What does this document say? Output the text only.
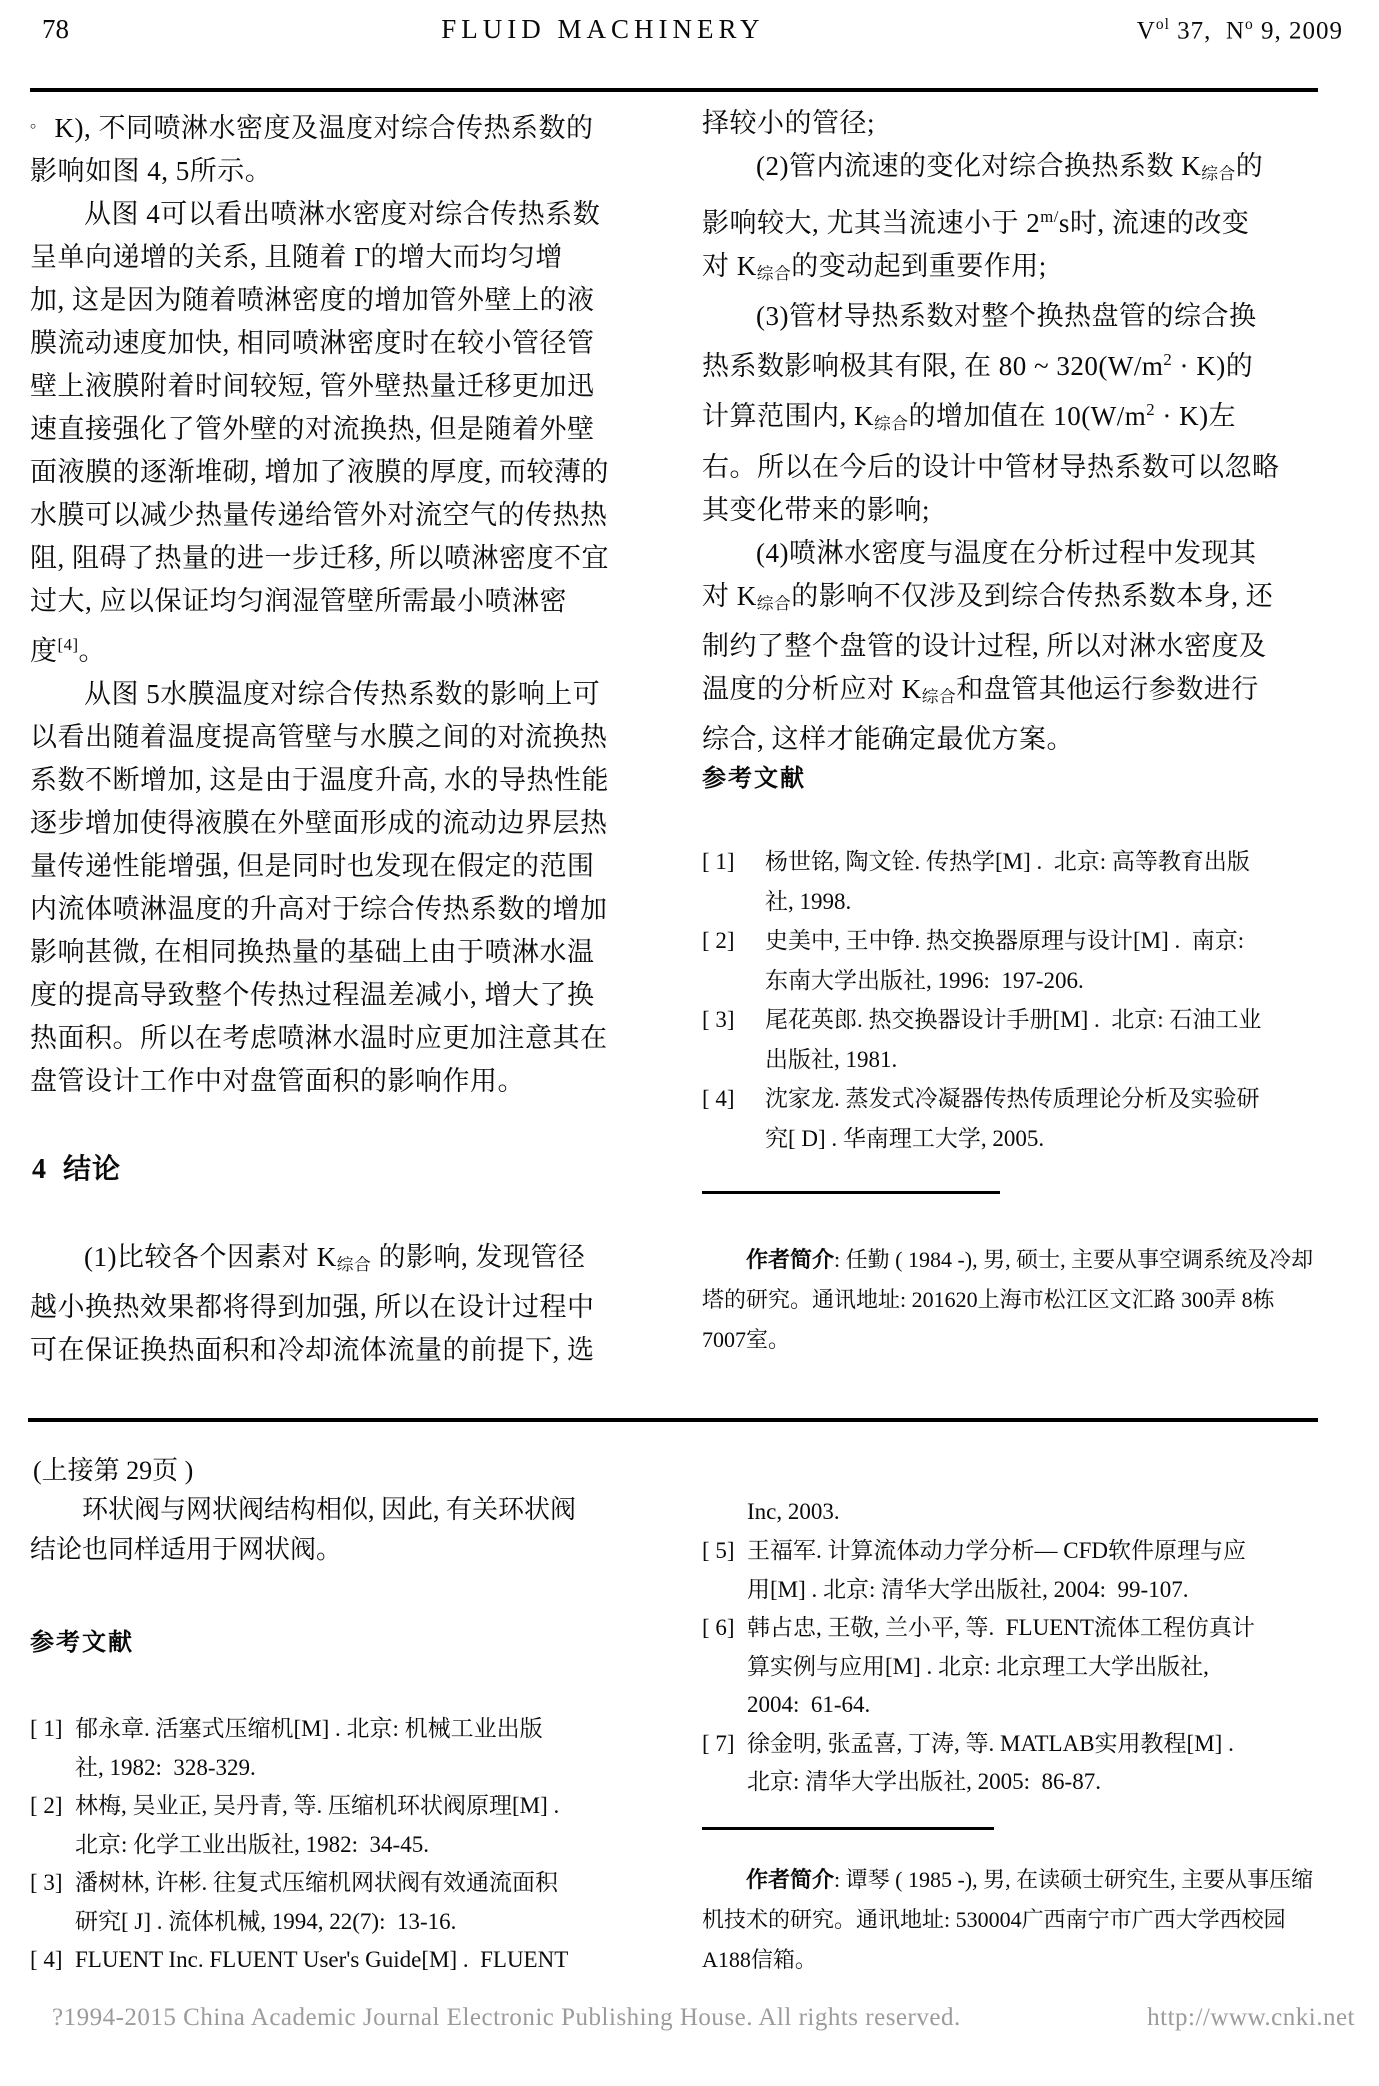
78	FLUID MACHINERY	$V^{ol}$ 37,  $N^o$ 9, 2009
。 K), 不同喷淋水密度及温度对综合传热系数的
影响如图 4, 5所示。
从图 4可以看出喷淋水密度对综合传热系数
呈单向递增的关系, 且随着 Γ的增大而均匀增
加, 这是因为随着喷淋密度的增加管外壁上的液
膜流动速度加快, 相同喷淋密度时在较小管径管
壁上液膜附着时间较短, 管外壁热量迁移更加迅
速直接强化了管外壁的对流换热, 但是随着外壁
面液膜的逐渐堆砌, 增加了液膜的厚度, 而较薄的
水膜可以减少热量传递给管外对流空气的传热热
阻, 阻碍了热量的进一步迁移, 所以喷淋密度不宜
过大, 应以保证均匀润湿管壁所需最小喷淋密
度[4]。
从图 5水膜温度对综合传热系数的影响上可
以看出随着温度提高管壁与水膜之间的对流换热
系数不断增加, 这是由于温度升高, 水的导热性能
逐步增加使得液膜在外壁面形成的流动边界层热
量传递性能增强, 但是同时也发现在假定的范围
内流体喷淋温度的升高对于综合传热系数的增加
影响甚微, 在相同换热量的基础上由于喷淋水温
度的提高导致整个传热过程温差减小, 增大了换
热面积。所以在考虑喷淋水温时应更加注意其在
盘管设计工作中对盘管面积的影响作用。
4  结论
(1)比较各个因素对 $K_{综合}$ 的影响, 发现管径
越小换热效果都将得到加强, 所以在设计过程中
可在保证换热面积和冷却流体流量的前提下, 选
择较小的管径;
(2)管内流速的变化对综合换热系数 $K_{综合}$的
影响较大, 尤其当流速小于 $2^{m/}s$时, 流速的改变
对 $K_{综合}$的变动起到重要作用;
(3)管材导热系数对整个换热盘管的综合换
热系数影响极其有限, 在 80 ~ $320(W/m^2 \cdot K)$的
计算范围内, $K_{综合}$的增加值在 $10(W/m^2 \cdot K)$左
右。所以在今后的设计中管材导热系数可以忽略
其变化带来的影响;
(4)喷淋水密度与温度在分析过程中发现其
对 $K_{综合}$的影响不仅涉及到综合传热系数本身, 还
制约了整个盘管的设计过程, 所以对淋水密度及
温度的分析应对 $K_{综合}$和盘管其他运行参数进行
综合, 这样才能确定最优方案。
参考文献
[ 1]	杨世铭, 陶文铨. 传热学[M] .  北京: 高等教育出版
社, 1998.
[ 2]	史美中, 王中铮. 热交换器原理与设计[M] .  南京:
东南大学出版社, 1996:  197-206.
[ 3]	尾花英郎. 热交换器设计手册[M] .  北京: 石油工业
出版社, 1981.
[ 4]	沈家龙. 蒸发式冷凝器传热传质理论分析及实验研
究[ D] . 华南理工大学, 2005.
作者简介: 任勤 ( 1984 -), 男, 硕士, 主要从事空调系统及冷却
塔的研究。通讯地址: 201620上海市松江区文汇路 300弄 8栋
7007室。
(上接第 29页 )
环状阀与网状阀结构相似, 因此, 有关环状阀
结论也同样适用于网状阀。
参考文献
[ 1] 郁永章. 活塞式压缩机[M] . 北京: 机械工业出版
社, 1982:  328-329.
[ 2] 林梅, 吴业正, 吴丹青, 等. 压缩机环状阀原理[M] .
北京: 化学工业出版社, 1982:  34-45.
[ 3] 潘树林, 许彬. 往复式压缩机网状阀有效通流面积
研究[ J] . 流体机械, 1994, 22(7):  13-16.
[ 4] FLUENT Inc. FLUENT User's Guide[M] .  FLUENT
Inc, 2003.
[ 5] 王福军. 计算流体动力学分析— CFD软件原理与应
用[M] . 北京: 清华大学出版社, 2004:  99-107.
[ 6] 韩占忠, 王敬, 兰小平, 等.  FLUENT流体工程仿真计
算实例与应用[M] . 北京: 北京理工大学出版社,
2004:  61-64.
[ 7] 徐金明, 张孟喜, 丁涛, 等. MATLAB实用教程[M] .
北京: 清华大学出版社, 2005:  86-87.
作者简介: 谭琴 ( 1985 -), 男, 在读硕士研究生, 主要从事压缩
机技术的研究。通讯地址: 530004广西南宁市广西大学西校园
A188信箱。
?1994-2015 China Academic Journal Electronic Publishing House. All rights reserved.	http://www.cnki.net
